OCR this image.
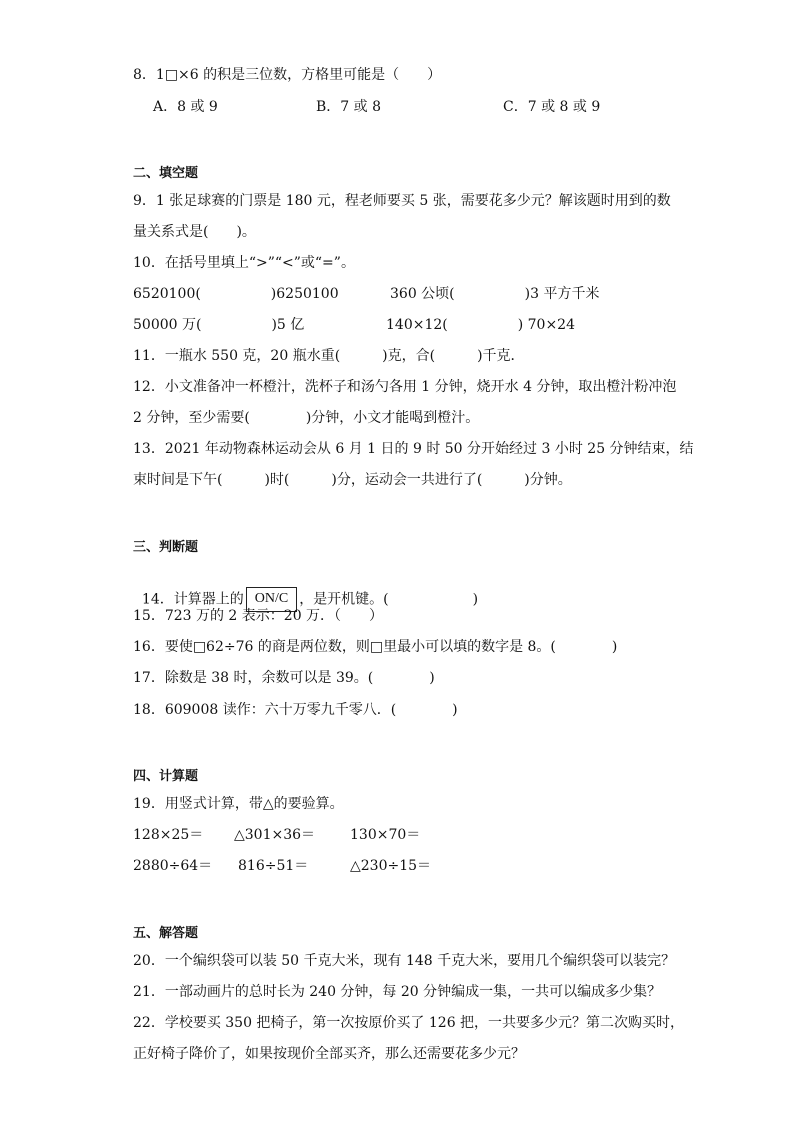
8．1□×6 的积是三位数，方格里可能是（　　）
A．8 或 9	B．7 或 8	C．7 或 8 或 9
二、填空题
9．1 张足球赛的门票是 180 元，程老师要买 5 张，需要花多少元？解该题时用到的数
量关系式是(　　)。
10．在括号里填上“>”“<”或“=”。
6520100(　　　　　)6250100	360 公顷(　　　　　)3 平方千米
50000 万(　　　　　)5 亿	140×12(　　　　　) 70×24
11．一瓶水 550 克，20 瓶水重(　　　)克，合(　　　)千克．
12．小文准备冲一杯橙汁，洗杯子和汤勺各用 1 分钟，烧开水 4 分钟，取出橙汁粉冲泡
2 分钟，至少需要(　　　　)分钟，小文才能喝到橙汁。
13．2021 年动物森林运动会从 6 月 1 日的 9 时 50 分开始经过 3 小时 25 分钟结束，结
束时间是下午(　　　)时(　　　)分，运动会一共进行了(　　　)分钟。
三、判断题

14．计算器上的 ON/C ，是开机键。(　　　　　　)

15．723 万的 2 表示：20 万．（　　）
16．要使□62÷76 的商是两位数，则□里最小可以填的数字是 8。(　　　　)
17．除数是 38 时，余数可以是 39。(　　　　)
18．609008 读作：六十万零九千零八．(　　　　)
四、计算题
19．用竖式计算，带△的要验算。
128×25＝ △301×36＝ 130×70＝
2880÷64＝ 816÷51＝	△230÷15＝
五、解答题
20．一个编织袋可以装 50 千克大米，现有 148 千克大米，要用几个编织袋可以装完？
21．一部动画片的总时长为 240 分钟，每 20 分钟编成一集，一共可以编成多少集？
22．学校要买 350 把椅子，第一次按原价买了 126 把，一共要多少元？第二次购买时，
正好椅子降价了，如果按现价全部买齐，那么还需要花多少元？
